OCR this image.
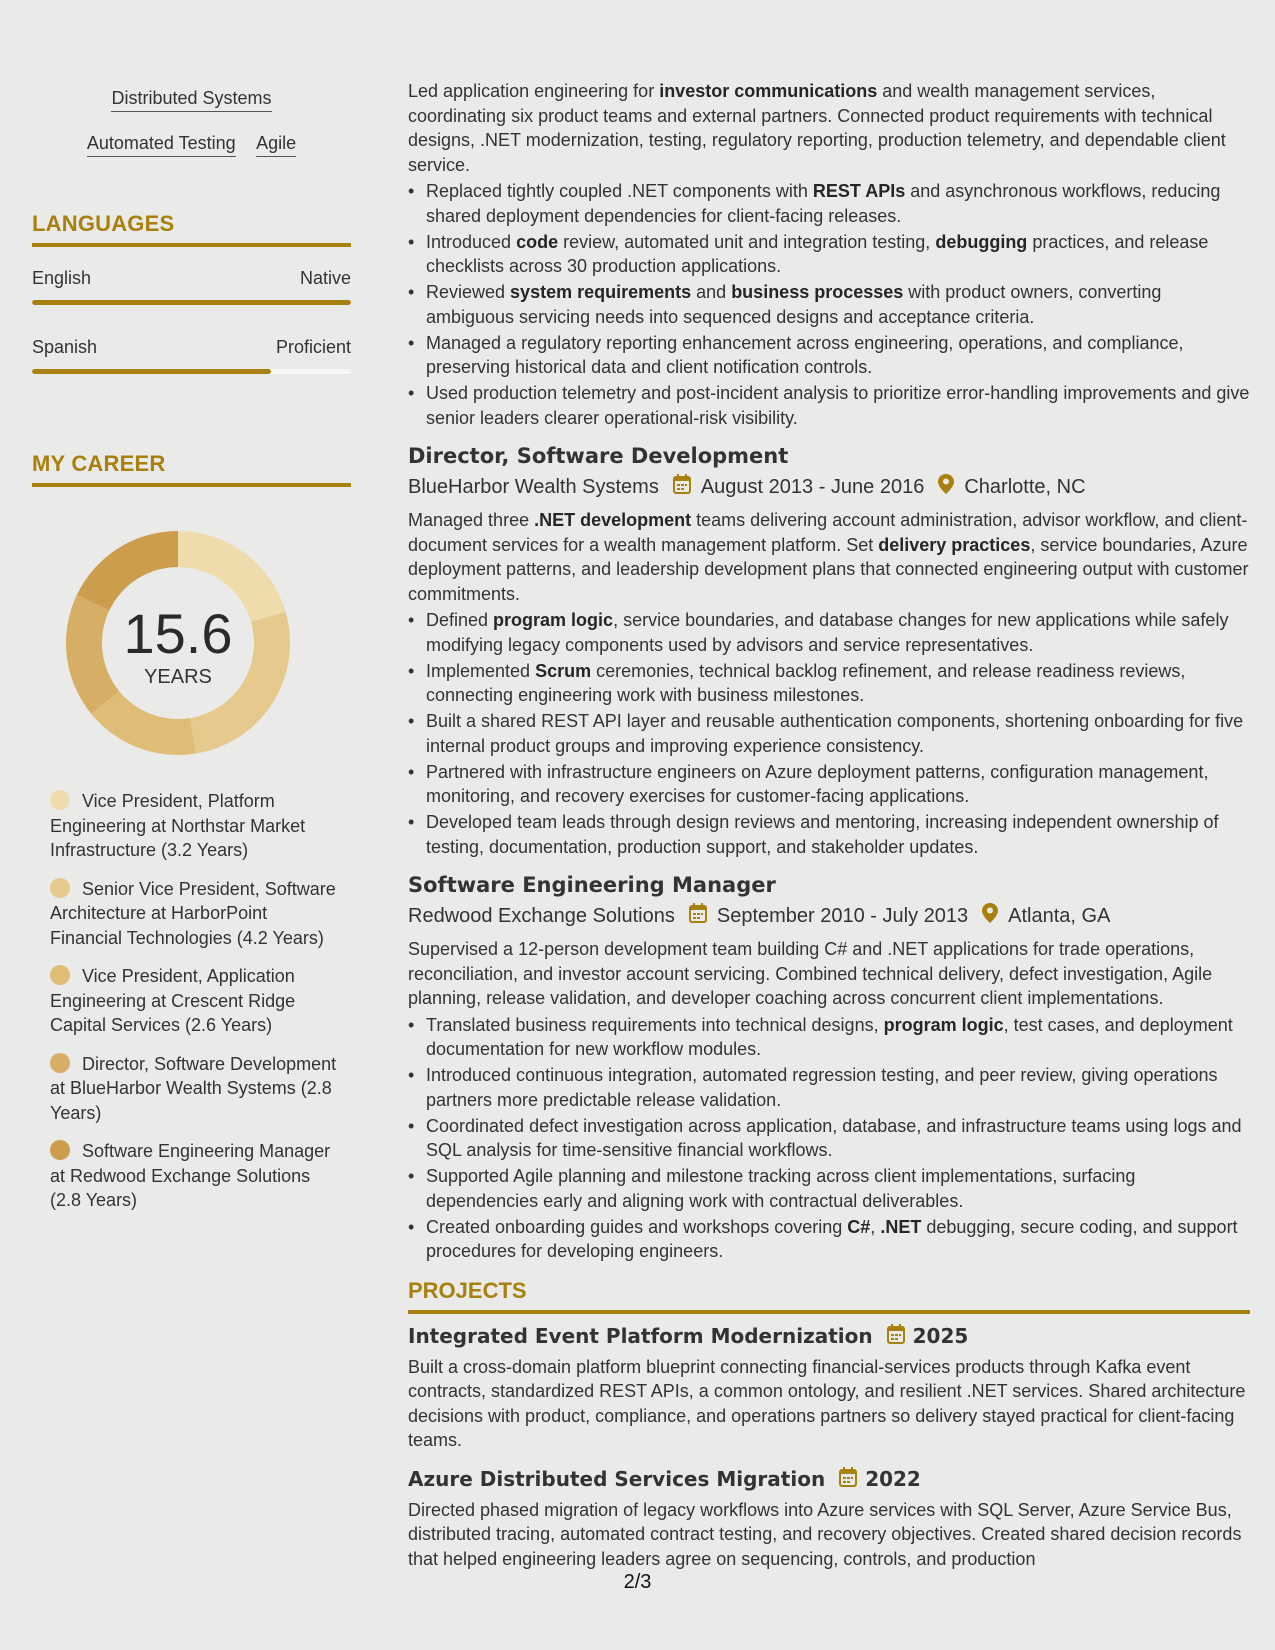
Distributed Systems
Automated Testing Agile
LANGUAGES
English	Native
Spanish	Proficient
MY CAREER
15.6
YEARS
Vice President, Platform Engineering at Northstar Market Infrastructure (3.2 Years)
Senior Vice President, Software Architecture at HarborPoint Financial Technologies (4.2 Years)
Vice President, Application Engineering at Crescent Ridge Capital Services (2.6 Years)
Director, Software Development at BlueHarbor Wealth Systems (2.8 Years)
Software Engineering Manager at Redwood Exchange Solutions (2.8 Years)
Led application engineering for investor communications and wealth management services, coordinating six product teams and external partners. Connected product requirements with technical designs, .NET modernization, testing, regulatory reporting, production telemetry, and dependable client service.
• Replaced tightly coupled .NET components with REST APIs and asynchronous workflows, reducing shared deployment dependencies for client-facing releases.
• Introduced code review, automated unit and integration testing, debugging practices, and release checklists across 30 production applications.
• Reviewed system requirements and business processes with product owners, converting ambiguous servicing needs into sequenced designs and acceptance criteria.
• Managed a regulatory reporting enhancement across engineering, operations, and compliance, preserving historical data and client notification controls.
• Used production telemetry and post-incident analysis to prioritize error-handling improvements and give senior leaders clearer operational-risk visibility.
Director, Software Development
BlueHarbor Wealth Systems August 2013 - June 2016 Charlotte, NC
Managed three .NET development teams delivering account administration, advisor workflow, and client-document services for a wealth management platform. Set delivery practices, service boundaries, Azure deployment patterns, and leadership development plans that connected engineering output with customer commitments.
• Defined program logic, service boundaries, and database changes for new applications while safely modifying legacy components used by advisors and service representatives.
• Implemented Scrum ceremonies, technical backlog refinement, and release readiness reviews, connecting engineering work with business milestones.
• Built a shared REST API layer and reusable authentication components, shortening onboarding for five internal product groups and improving experience consistency.
• Partnered with infrastructure engineers on Azure deployment patterns, configuration management, monitoring, and recovery exercises for customer-facing applications.
• Developed team leads through design reviews and mentoring, increasing independent ownership of testing, documentation, production support, and stakeholder updates.
Software Engineering Manager
Redwood Exchange Solutions September 2010 - July 2013 Atlanta, GA
Supervised a 12-person development team building C# and .NET applications for trade operations, reconciliation, and investor account servicing. Combined technical delivery, defect investigation, Agile planning, release validation, and developer coaching across concurrent client implementations.
• Translated business requirements into technical designs, program logic, test cases, and deployment documentation for new workflow modules.
• Introduced continuous integration, automated regression testing, and peer review, giving operations partners more predictable release validation.
• Coordinated defect investigation across application, database, and infrastructure teams using logs and SQL analysis for time-sensitive financial workflows.
• Supported Agile planning and milestone tracking across client implementations, surfacing dependencies early and aligning work with contractual deliverables.
• Created onboarding guides and workshops covering C#, .NET debugging, secure coding, and support procedures for developing engineers.
PROJECTS
Integrated Event Platform Modernization 2025
Built a cross-domain platform blueprint connecting financial-services products through Kafka event contracts, standardized REST APIs, a common ontology, and resilient .NET services. Shared architecture decisions with product, compliance, and operations partners so delivery stayed practical for client-facing teams.
Azure Distributed Services Migration 2022
Directed phased migration of legacy workflows into Azure services with SQL Server, Azure Service Bus, distributed tracing, automated contract testing, and recovery objectives. Created shared decision records that helped engineering leaders agree on sequencing, controls, and production
2/3
